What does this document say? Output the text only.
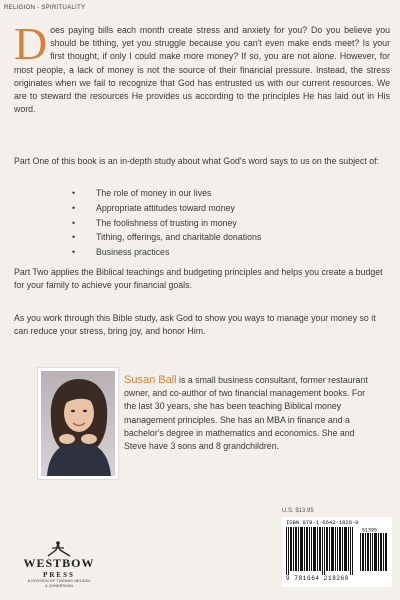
RELIGION - SPIRITUALITY
Does paying bills each month create stress and anxiety for you? Do you believe you should be tithing, yet you struggle because you can't even make ends meet? Is your first thought, if only I could make more money? If so, you are not alone. However, for most people, a lack of money is not the source of their financial pressure. Instead, the stress originates when we fail to recognize that God has entrusted us with our current resources. We are to steward the resources He provides us according to the principles He has laid out in His word.
Part One of this book is an in-depth study about what God's word says to us on the subject of:
• The role of money in our lives
• Appropriate attitudes toward money
• The foolishness of trusting in money
• Tithing, offerings, and charitable donations
• Business practices
Part Two applies the Biblical teachings and budgeting principles and helps you create a budget for your family to achieve your financial goals.
As you work through this Bible study, ask God to show you ways to manage your money so it can reduce your stress, bring joy, and honor Him.
Susan Ball is a small business consultant, former restaurant owner, and co-author of two financial management books. For the last 30 years, she has been teaching Biblical money management principles. She has an MBA in finance and a bachelor's degree in mathematics and economics. She and Steve have 3 sons and 8 grandchildren.
WESTBOW
PRESS
A DIVISION OF THOMAS NELSON
& ZONDERVAN
U.S. $13.95
ISBN 978-1-6642-1826-0
51395
9 781664 218260
